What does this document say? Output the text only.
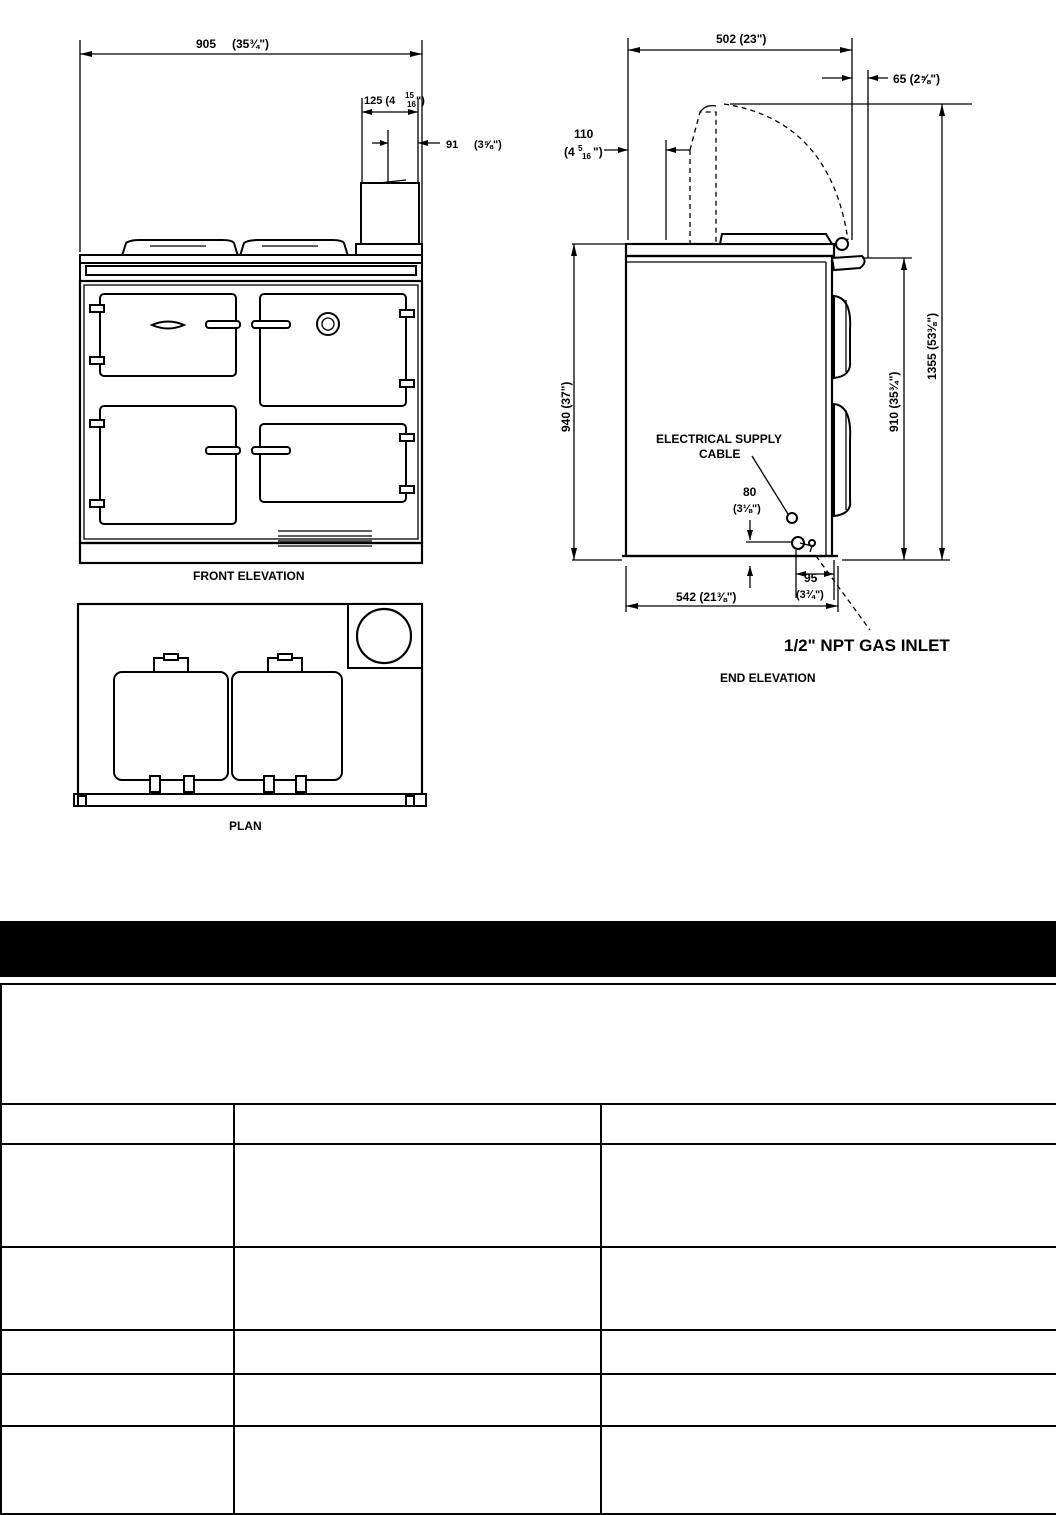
905 (35¾")
125 (4 15
16 ")
91 (3⅝")
FRONT ELEVATION
PLAN
502 (23")
65 (2⅝")
110
(4 5
16 ")
940 (37")	910 (35¾")
1355 (53⅜")
ELECTRICAL SUPPLY
CABLE
80
(3⅛")
95
(3¾")
542 (21⅜")
1/2" NPT GAS INLET
END ELEVATION
